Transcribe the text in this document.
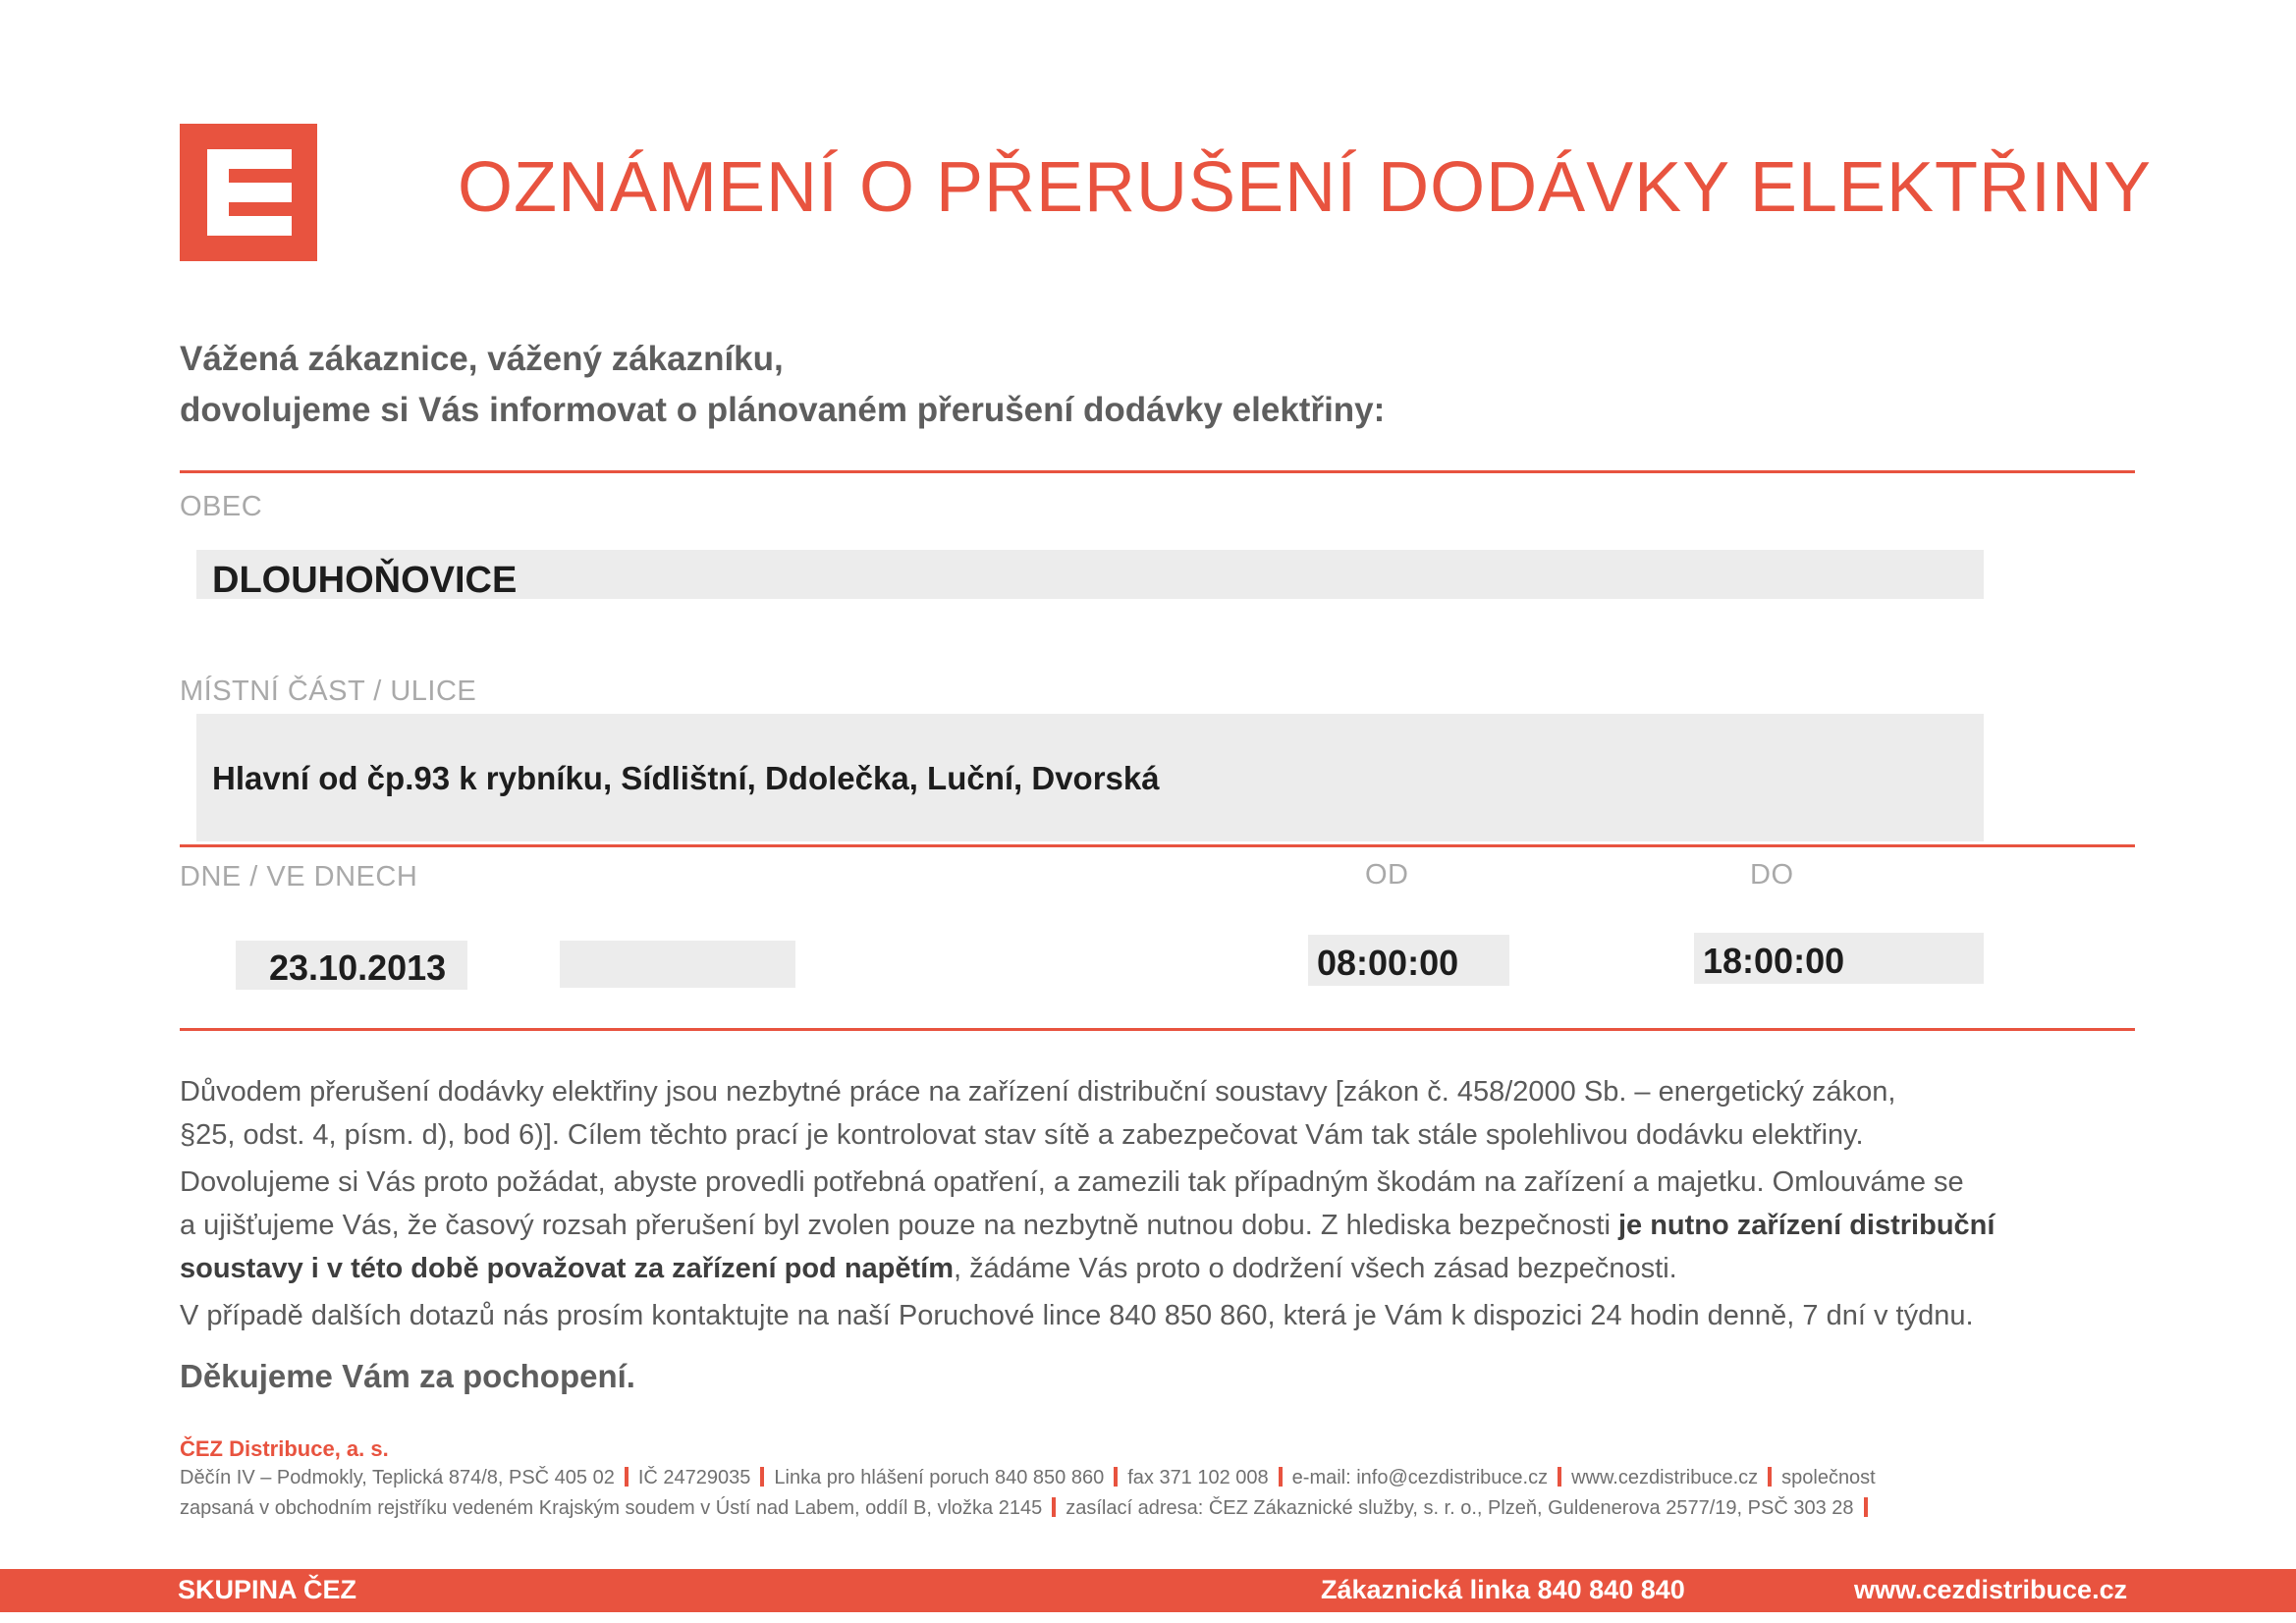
OZNÁMENÍ O PŘERUŠENÍ DODÁVKY ELEKTŘINY
Vážená zákaznice, vážený zákazníku,
dovolujeme si Vás informovat o plánovaném přerušení dodávky elektřiny:
OBEC
DLOUHOŇOVICE
MÍSTNÍ ČÁST / ULICE
Hlavní od čp.93 k rybníku, Sídlištní, Ddolečka, Luční, Dvorská
DNE / VE DNECH	OD	DO
23.10.2013	08:00:00	18:00:00
Důvodem přerušení dodávky elektřiny jsou nezbytné práce na zařízení distribuční soustavy [zákon č. 458/2000 Sb. – energetický zákon,
§25, odst. 4, písm. d), bod 6)]. Cílem těchto prací je kontrolovat stav sítě a zabezpečovat Vám tak stále spolehlivou dodávku elektřiny.
Dovolujeme si Vás proto požádat, abyste provedli potřebná opatření, a zamezili tak případným škodám na zařízení a majetku. Omlouváme se
a ujišťujeme Vás, že časový rozsah přerušení byl zvolen pouze na nezbytně nutnou dobu. Z hlediska bezpečnosti je nutno zařízení distribuční
soustavy i v této době považovat za zařízení pod napětím, žádáme Vás proto o dodržení všech zásad bezpečnosti.
V případě dalších dotazů nás prosím kontaktujte na naší Poruchové lince 840 850 860, která je Vám k dispozici 24 hodin denně, 7 dní v týdnu.
Děkujeme Vám za pochopení.
ČEZ Distribuce, a. s.
Děčín IV – Podmokly, Teplická 874/8, PSČ 405 02 IČ 24729035 Linka pro hlášení poruch 840 850 860 fax 371 102 008 e-mail: info@cezdistribuce.cz www.cezdistribuce.cz společnost
zapsaná v obchodním rejstříku vedeném Krajským soudem v Ústí nad Labem, oddíl B, vložka 2145 zasílací adresa: ČEZ Zákaznické služby, s. r. o., Plzeň, Guldenerova 2577/19, PSČ 303 28
SKUPINA ČEZ	Zákaznická linka 840 840 840	www.cezdistribuce.cz
